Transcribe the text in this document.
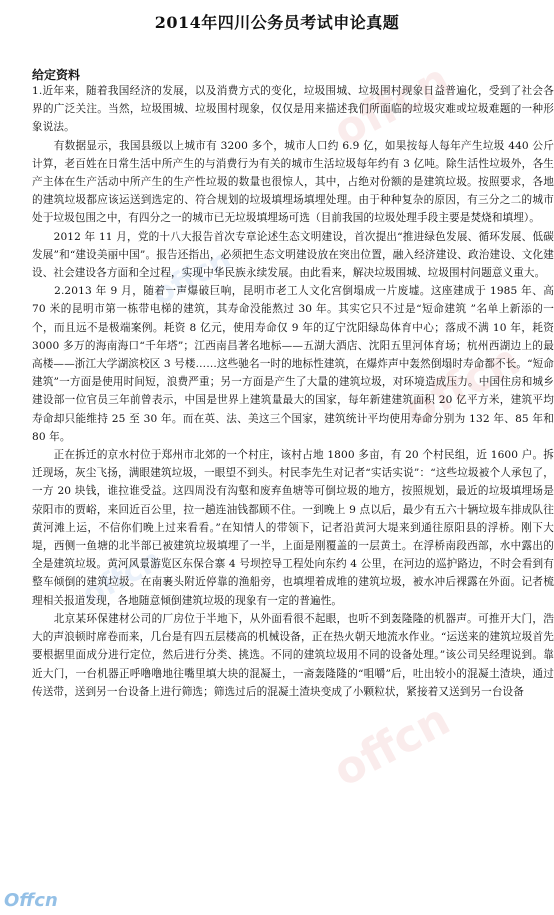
offcn
offcn
offcn
offcn
offcn
2014年四川公务员考试申论真题
给定资料

1.近年来，随着我国经济的发展，以及消费方式的变化，垃圾围城、垃圾围村现象日益普遍化，受到了社会各界的广泛关注。当然，垃圾围城、垃圾围村现象，仅仅是用来描述我们所面临的垃圾灾难或垃圾难题的一种形象说法。

　　有数据显示，我国县级以上城市有 3200 多个，城市人口约 6.9 亿，如果按每人每年产生垃圾 440 公斤计算，老百姓在日常生活中所产生的与消费行为有关的城市生活垃圾每年约有 3 亿吨。除生活性垃圾外，各生产主体在生产活动中所产生的生产性垃圾的数量也很惊人，其中，占绝对份额的是建筑垃圾。按照要求，各地的建筑垃圾都应该运送到选定的、符合规划的垃圾填埋场填埋处理。由于种种复杂的原因，有三分之二的城市处于垃圾包围之中，有四分之一的城市已无垃圾填埋场可选（目前我国的垃圾处理手段主要是焚烧和填埋）。

　　2012 年 11 月，党的十八大报告首次专章论述生态文明建设，首次提出“推进绿色发展、循环发展、低碳发展”和“建设美丽中国”。报告还指出，必须把生态文明建设放在突出位置，融入经济建设、政治建设、文化建设、社会建设各方面和全过程，实现中华民族永续发展。由此看来，解决垃圾围城、垃圾围村问题意义重大。

　　2.2013 年 9 月，随着一声爆破巨响，昆明市老工人文化宫倒塌成一片废墟。这座建成于 1985 年、高 70 米的昆明市第一栋带电梯的建筑，其寿命没能熬过 30 年。其实它只不过是“短命建筑 ”名单上新添的一个，而且远不是极端案例。耗资 8 亿元，使用寿命仅 9 年的辽宁沈阳绿岛体育中心；落成不满 10 年，耗资 3000 多万的海南海口“千年塔”；江西南昌著名地标——五湖大酒店、沈阳五里河体育场；杭州西湖边上的最高楼——浙江大学湖滨校区 3 号楼……这些驰名一时的地标性建筑，在爆炸声中轰然倒塌时寿命都不长。“短命建筑”一方面是使用时间短，浪费严重；另一方面是产生了大量的建筑垃圾，对环境造成压力。中国住房和城乡建设部一位官员三年前曾表示，中国是世界上建筑量最大的国家，每年新建建筑面积 20 亿平方米，建筑平均寿命却只能维持 25 至 30 年。而在英、法、美这三个国家，建筑统计平均使用寿命分别为 132 年、85 年和 80 年。

　　正在拆迁的京水村位于郑州市北郊的一个村庄，该村占地 1800 多亩，有 20 个村民组，近 1600 户。拆迁现场，灰尘飞扬，满眼建筑垃圾，一眼望不到头。村民李先生对记者“实话实说”：“这些垃圾被个人承包了，一方 20 块钱，谁拉谁受益。这四周没有沟壑和废弃鱼塘等可倒垃圾的地方，按照规划，最近的垃圾填埋场是荥阳市的贾峪，来回近百公里，拉一趟连油钱都顾不住。一到晚上 9 点以后，最少有五六十辆垃圾车排成队往黄河滩上运，不信你们晚上过来看看。”在知情人的带领下，记者沿黄河大堤来到通往原阳县的浮桥。刚下大堤，西侧一鱼塘的北半部已被建筑垃圾填埋了一半，上面是刚覆盖的一层黄土。在浮桥南段西部，水中露出的全是建筑垃圾。黄河风景游览区东保合寨 4 号坝控导工程处向东约 4 公里，在河边的巡护路边，不时会看到有整车倾倒的建筑垃圾。在南裹头附近停靠的渔船旁，也填埋着成堆的建筑垃圾，被水冲后裸露在外面。记者梳理相关报道发现，各地随意倾倒建筑垃圾的现象有一定的普遍性。

　　北京某环保建材公司的厂房位于半地下，从外面看很不起眼，也听不到轰隆隆的机器声。可推开大门，浩大的声浪顿时席卷而来，几台是有四五层楼高的机械设备，正在热火朝天地流水作业。“运送来的建筑垃圾首先要根据里面成分进行定位，然后进行分类、挑选。不同的建筑垃圾用不同的设备处理。”该公司吴经理说到。靠近大门，一台机器正呼噜噜地往嘴里填大块的混凝土，一斋轰隆隆的“咀嚼”后，吐出较小的混凝土渣块，通过传送带，送到另一台设备上进行筛选；筛选过后的混凝土渣块变成了小颗粒状，紧接着又送到另一台设备

Offcn
